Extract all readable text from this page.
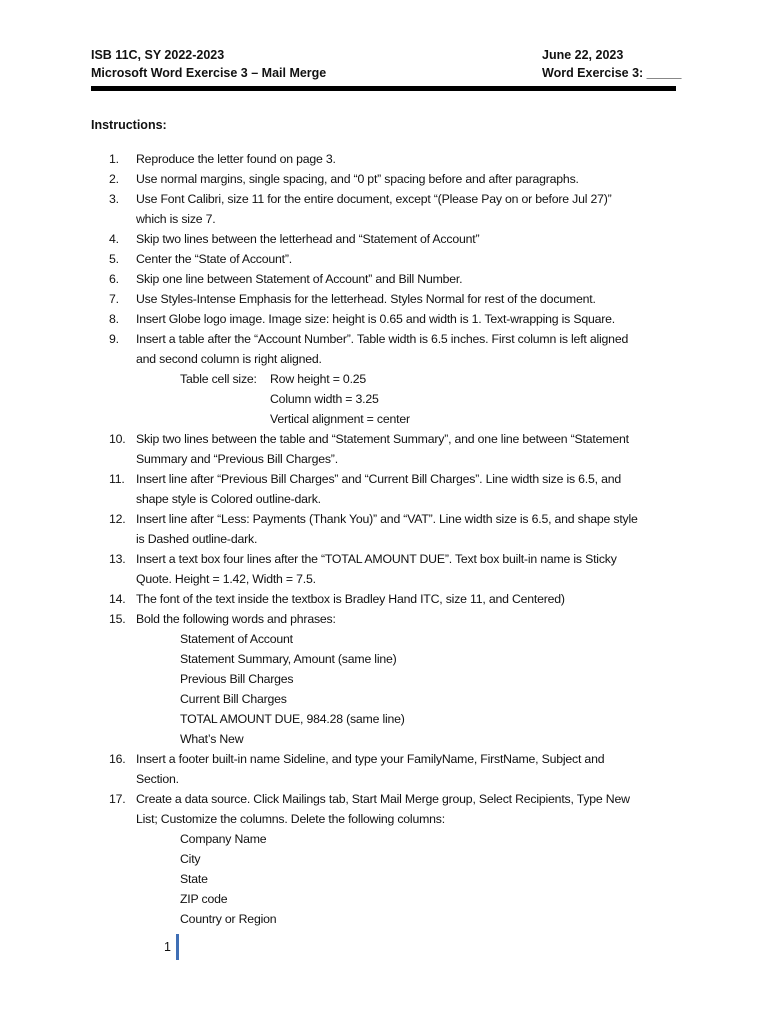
ISB 11C, SY 2022-2023	June 22, 2023
Microsoft Word Exercise 3 – Mail Merge	Word Exercise 3: _____
Instructions:
1.	Reproduce the letter found on page 3.
2.	Use normal margins, single spacing, and “0 pt” spacing before and after paragraphs.
3.	Use Font Calibri, size 11 for the entire document, except “(Please Pay on or before Jul 27)”
which is size 7.
4.	Skip two lines between the letterhead and “Statement of Account”
5.	Center the “State of Account”.
6.	Skip one line between Statement of Account” and Bill Number.
7.	Use Styles-Intense Emphasis for the letterhead. Styles Normal for rest of the document.
8.	Insert Globe logo image. Image size: height is 0.65 and width is 1. Text-wrapping is Square.
9.	Insert a table after the “Account Number”. Table width is 6.5 inches. First column is left aligned
and second column is right aligned.
Table cell size:	Row height = 0.25
Column width = 3.25
Vertical alignment = center
10. Skip two lines between the table and “Statement Summary”, and one line between “Statement
Summary and “Previous Bill Charges”.
11. Insert line after “Previous Bill Charges” and “Current Bill Charges”. Line width size is 6.5, and
shape style is Colored outline-dark.
12. Insert line after “Less: Payments (Thank You)” and “VAT”. Line width size is 6.5, and shape style
is Dashed outline-dark.
13. Insert a text box four lines after the “TOTAL AMOUNT DUE”. Text box built-in name is Sticky
Quote. Height = 1.42, Width = 7.5.
14. The font of the text inside the textbox is Bradley Hand ITC, size 11, and Centered)
15. Bold the following words and phrases:
Statement of Account
Statement Summary, Amount (same line)
Previous Bill Charges
Current Bill Charges
TOTAL AMOUNT DUE, 984.28 (same line)
What’s New
16. Insert a footer built-in name Sideline, and type your FamilyName, FirstName, Subject and
Section.
17. Create a data source. Click Mailings tab, Start Mail Merge group, Select Recipients, Type New
List; Customize the columns. Delete the following columns:
Company Name
City
State
ZIP code
Country or Region
1
